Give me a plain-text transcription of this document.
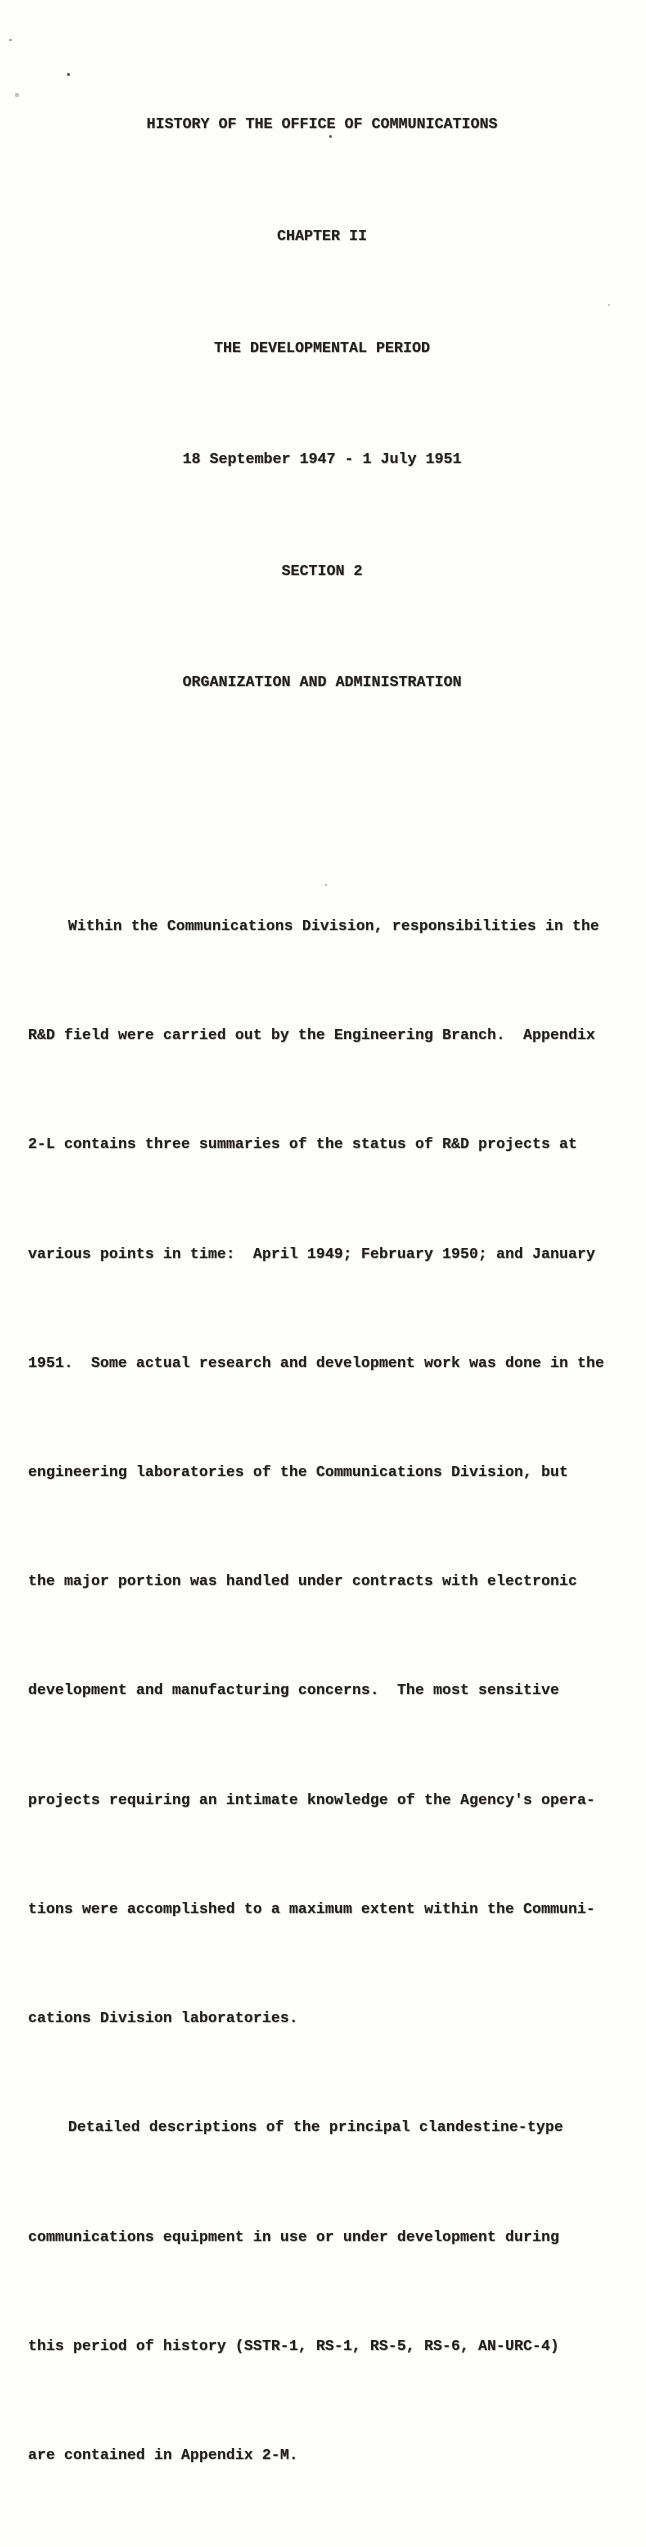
HISTORY OF THE OFFICE OF COMMUNICATIONS

CHAPTER II

THE DEVELOPMENTAL PERIOD

18 September 1947 - 1 July 1951

SECTION 2

ORGANIZATION AND ADMINISTRATION

Within the Communications Division, responsibilities in the

R&D field were carried out by the Engineering Branch.  Appendix

2-L contains three summaries of the status of R&D projects at

various points in time:  April 1949; February 1950; and January

1951.  Some actual research and development work was done in the

engineering laboratories of the Communications Division, but

the major portion was handled under contracts with electronic

development and manufacturing concerns.  The most sensitive

projects requiring an intimate knowledge of the Agency's opera-

tions were accomplished to a maximum extent within the Communi-

cations Division laboratories.

Detailed descriptions of the principal clandestine-type

communications equipment in use or under development during

this period of history (SSTR-1, RS-1, RS-5, RS-6, AN-URC-4)

are contained in Appendix 2-M.
